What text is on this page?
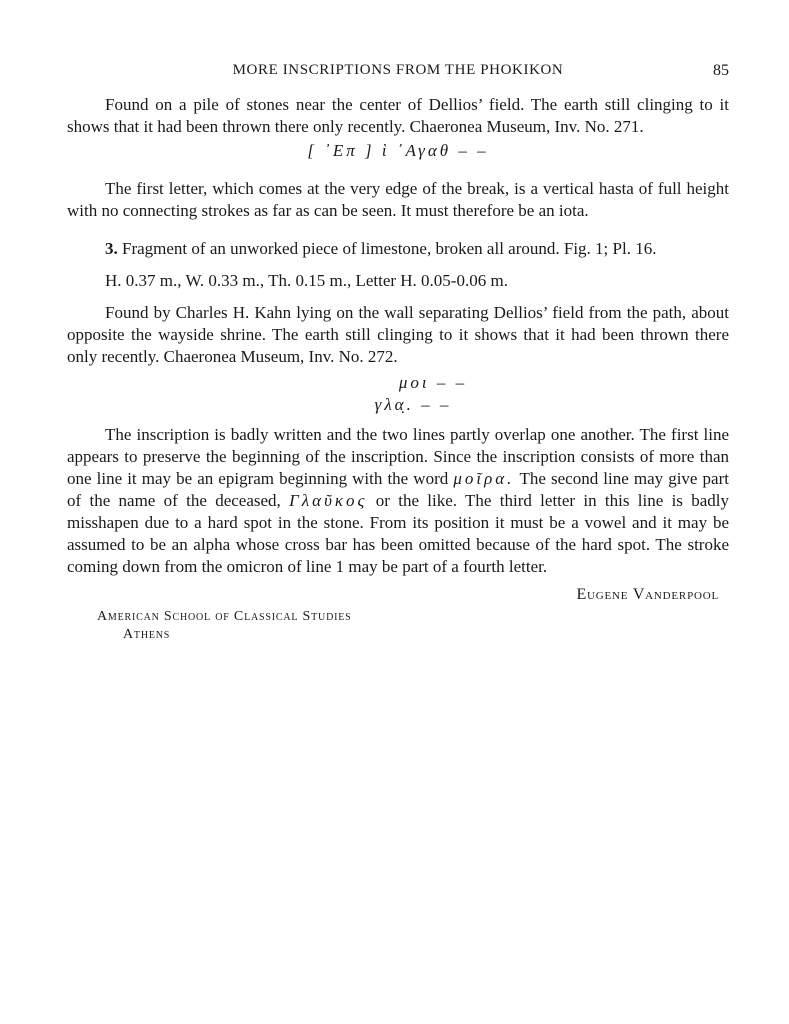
MORE INSCRIPTIONS FROM THE PHOKIKON	85

Found on a pile of stones near the center of Dellios’ field. The earth still clinging to it shows that it had been thrown there only recently. Chaeronea Museum, Inv. No. 271.

[ ᾿Επ ] ὶ ᾿Αγαθ – –

The first letter, which comes at the very edge of the break, is a vertical hasta of full height with no connecting strokes as far as can be seen. It must therefore be an iota.

3. Fragment of an unworked piece of limestone, broken all around. Fig. 1; Pl. 16.

H. 0.37 m., W. 0.33 m., Th. 0.15 m., Letter H. 0.05-0.06 m.

Found by Charles H. Kahn lying on the wall separating Dellios’ field from the path, about opposite the wayside shrine. The earth still clinging to it shows that it had been thrown there only recently. Chaeronea Museum, Inv. No. 272.

μοι – –
γλα̣. – –

The inscription is badly written and the two lines partly overlap one another. The first line appears to preserve the beginning of the inscription. Since the inscription consists of more than one line it may be an epigram beginning with the word μοῖρα. The second line may give part of the name of the deceased, Γλαῦκος or the like. The third letter in this line is badly misshapen due to a hard spot in the stone. From its position it must be a vowel and it may be assumed to be an alpha whose cross bar has been omitted because of the hard spot. The stroke coming down from the omicron of line 1 may be part of a fourth letter.

Eugene Vanderpool
American School of Classical Studies
Athens
